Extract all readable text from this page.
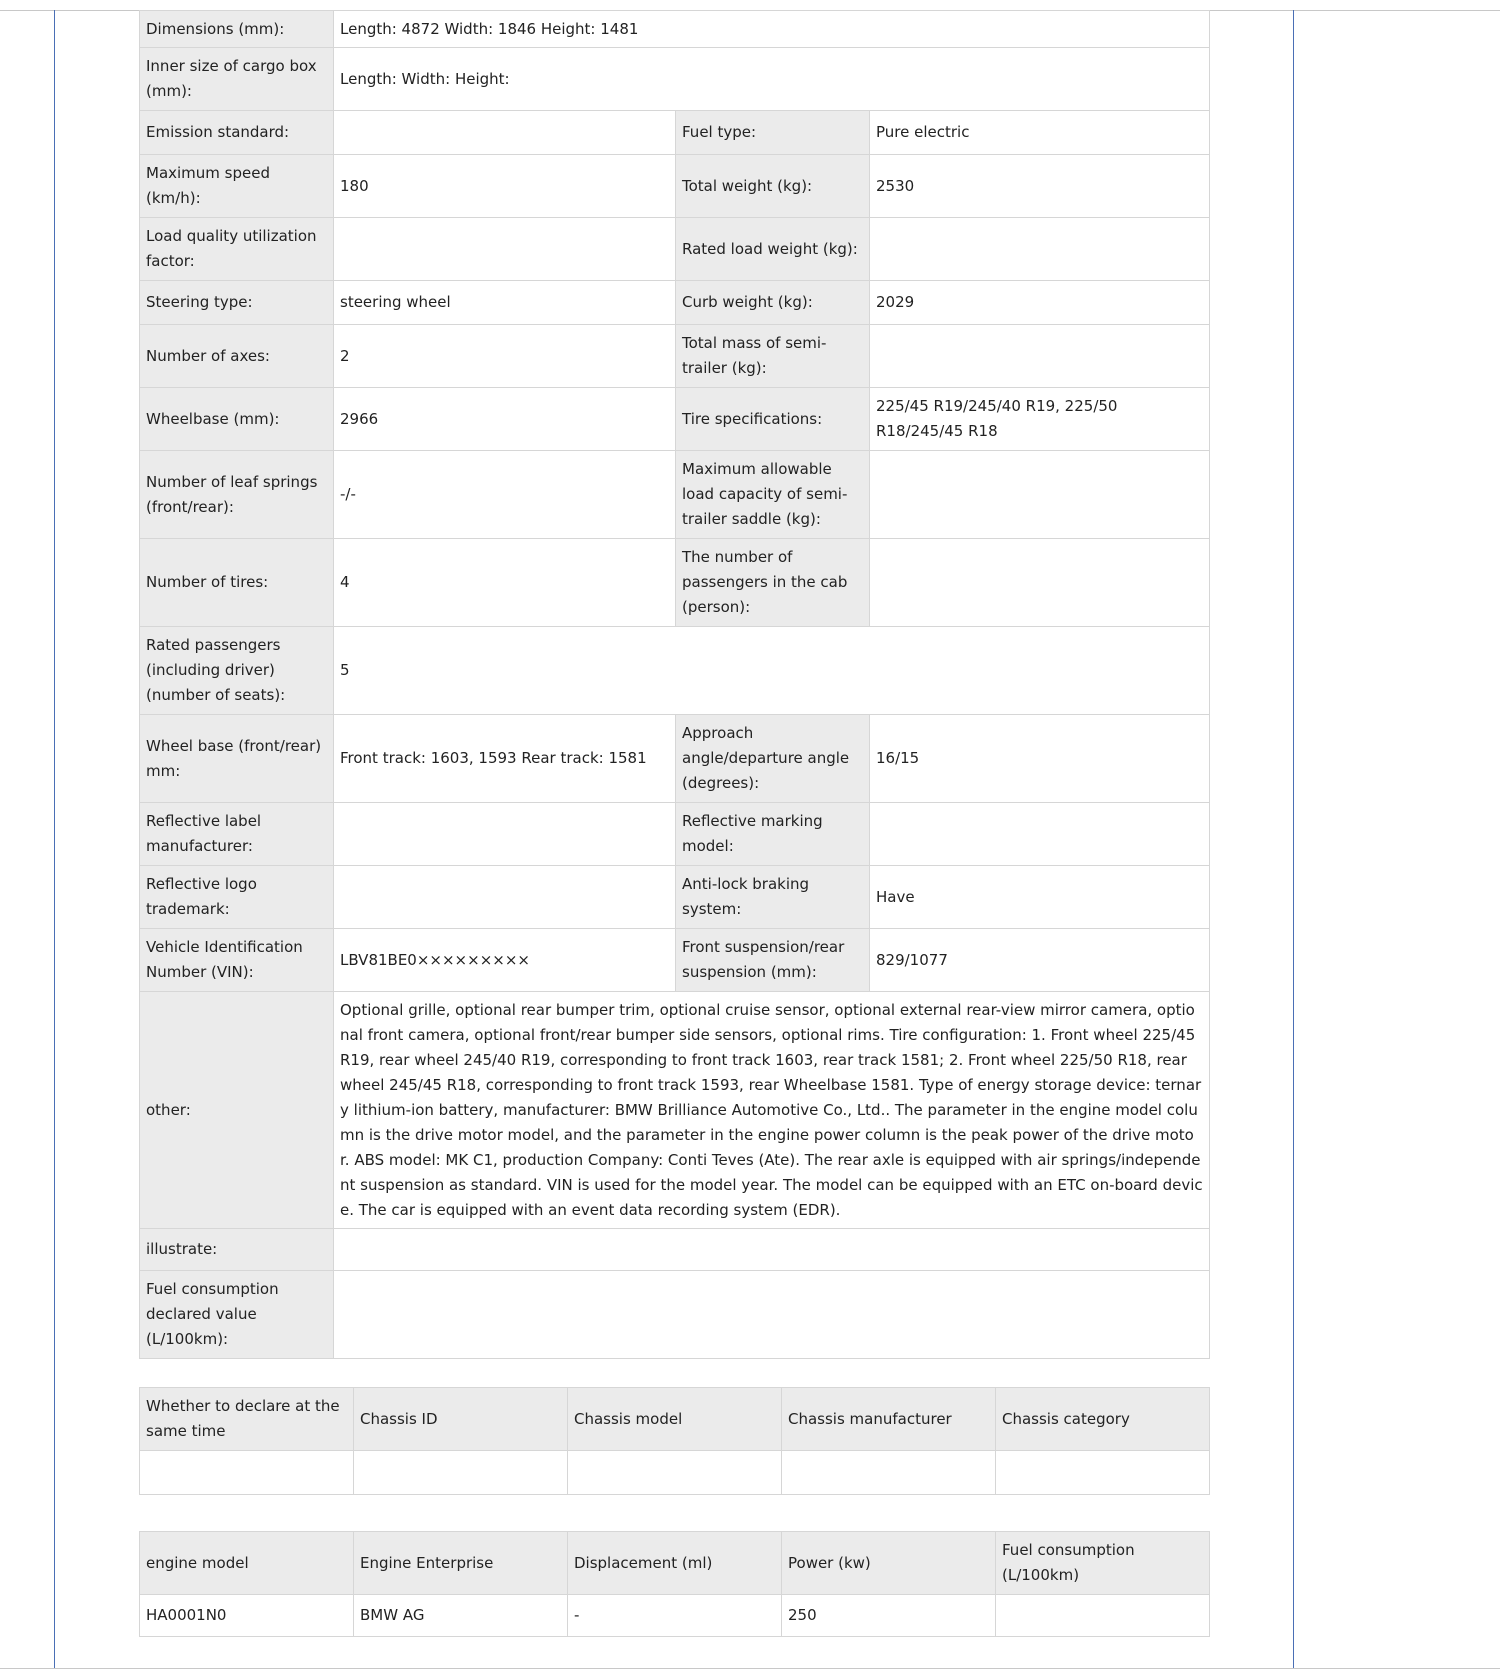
Dimensions (mm):	Length: 4872 Width: 1846 Height: 1481		
Inner size of cargo box (mm):	Length: Width: Height:		
Emission standard:		Fuel type:	Pure electric
Maximum speed (km/h):	180	Total weight (kg):	2530
Load quality utilization factor:		Rated load weight (kg):	
Steering type:	steering wheel	Curb weight (kg):	2029
Number of axes:	2	Total mass of semi-trailer (kg):	
Wheelbase (mm):	2966	Tire specifications:	225/45 R19/245/40 R19, 225/50 R18/245/45 R18
Number of leaf springs (front/rear):	-/-	Maximum allowable load capacity of semi-trailer saddle (kg):	
Number of tires:	4	The number of passengers in the cab (person):	
Rated passengers (including driver) (number of seats):	5		
Wheel base (front/rear) mm:	Front track: 1603, 1593 Rear track: 1581	Approach angle/departure angle (degrees):	16/15
Reflective label manufacturer:		Reflective marking model:	
Reflective logo trademark:		Anti-lock braking system:	Have
Vehicle Identification Number (VIN):	LBV81BE0×××××××××	Front suspension/rear suspension (mm):	829/1077
other:	Optional grille, optional rear bumper trim, optional cruise sensor, optional external rear-view mirror camera, optional front camera, optional front/rear bumper side sensors, optional rims. Tire configuration: 1. Front wheel 225/45 R19, rear wheel 245/40 R19, corresponding to front track 1603, rear track 1581; 2. Front wheel 225/50 R18, rear wheel 245/45 R18, corresponding to front track 1593, rear Wheelbase 1581. Type of energy storage device: ternary lithium-ion battery, manufacturer: BMW Brilliance Automotive Co., Ltd.. The parameter in the engine model column is the drive motor model, and the parameter in the engine power column is the peak power of the drive motor. ABS model: MK C1, production Company: Conti Teves (Ate). The rear axle is equipped with air springs/independent suspension as standard. VIN is used for the model year. The model can be equipped with an ETC on-board device. The car is equipped with an event data recording system (EDR).		
illustrate:			
Fuel consumption declared value (L/100km):			
Whether to declare at the same time	Chassis ID	Chassis model	Chassis manufacturer	Chassis category

engine model	Engine Enterprise	Displacement (ml)	Power (kw)	Fuel consumption (L/100km)
HA0001N0	BMW AG	-	250	
